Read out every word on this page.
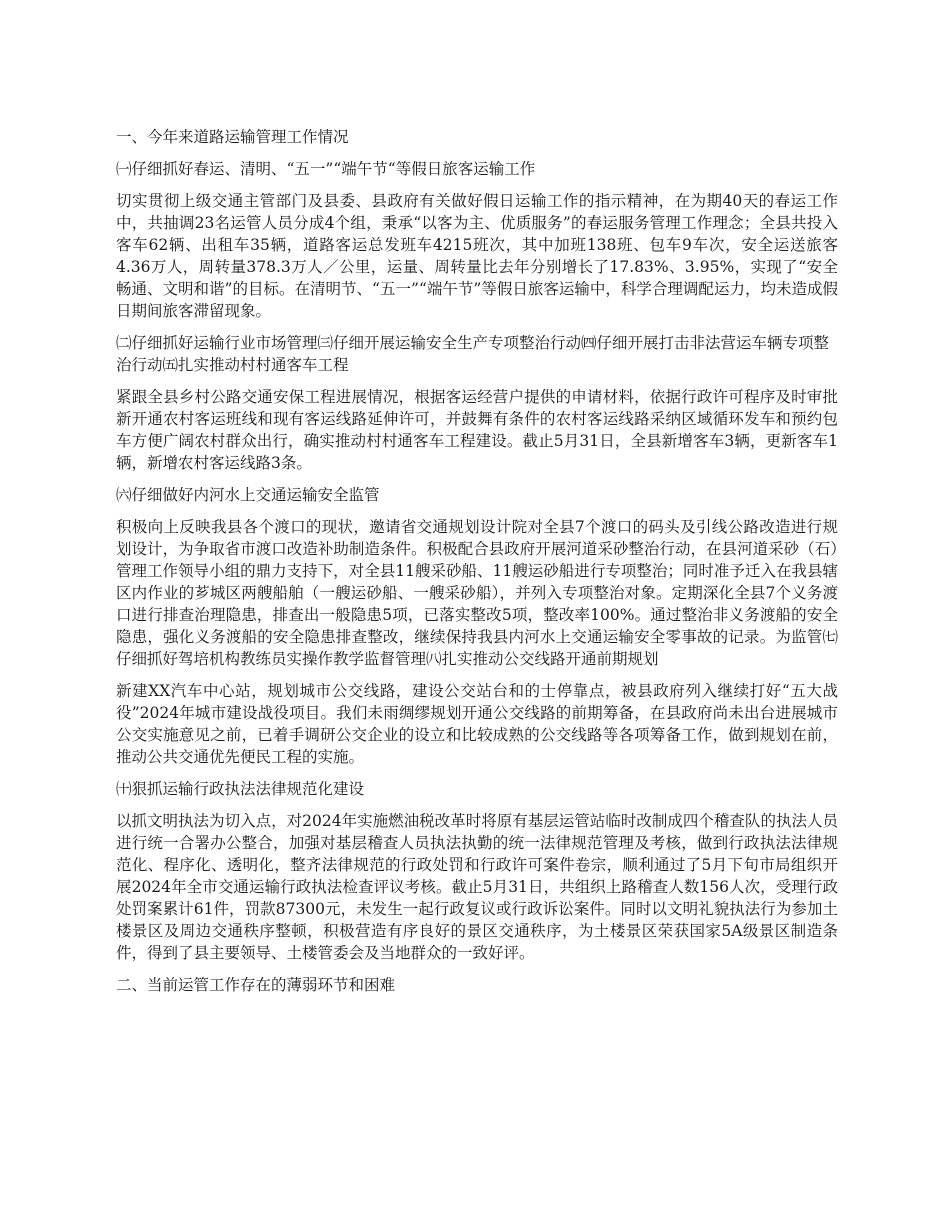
一、今年来道路运输管理工作情况
㈠仔细抓好春运、清明、“五一”“端午节“等假日旅客运输工作

切实贯彻上级交通主管部门及县委、县政府有关做好假日运输工作的指示精神，在为期40天的春运工作中，共抽调23名运管人员分成4个组，秉承“以客为主、优质服务”的春运服务管理工作理念；全县共投入客车62辆、出租车35辆，道路客运总发班车4215班次，其中加班138班、包车9车次，安全运送旅客4.36万人，周转量378.3万人／公里，运量、周转量比去年分别增长了17.83%、3.95%，实现了“安全畅通、文明和谐”的目标。在清明节、“五一”“端午节”等假日旅客运输中，科学合理调配运力，均未造成假日期间旅客滞留现象。

㈡仔细抓好运输行业市场管理㈢仔细开展运输安全生产专项整治行动㈣仔细开展打击非法营运车辆专项整治行动㈤扎实推动村村通客车工程

紧跟全县乡村公路交通安保工程进展情况，根据客运经营户提供的申请材料，依据行政许可程序及时审批新开通农村客运班线和现有客运线路延伸许可，并鼓舞有条件的农村客运线路采纳区域循环发车和预约包车方便广阔农村群众出行，确实推动村村通客车工程建设。截止5月31日，全县新增客车3辆，更新客车1辆，新增农村客运线路3条。

㈥仔细做好内河水上交通运输安全监管

积极向上反映我县各个渡口的现状，邀请省交通规划设计院对全县7个渡口的码头及引线公路改造进行规划设计，为争取省市渡口改造补助制造条件。积极配合县政府开展河道采砂整治行动，在县河道采砂（石）管理工作领导小组的鼎力支持下，对全县11艘采砂船、11艘运砂船进行专项整治；同时准予迁入在我县辖区内作业的芗城区两艘船舶（一艘运砂船、一艘采砂船），并列入专项整治对象。定期深化全县7个义务渡口进行排查治理隐患，排查出一般隐患5项，已落实整改5项，整改率100%。通过整治非义务渡船的安全隐患，强化义务渡船的安全隐患排查整改，继续保持我县内河水上交通运输安全零事故的记录。为监管㈦仔细抓好驾培机构教练员实操作教学监督管理㈧扎实推动公交线路开通前期规划

新建XX汽车中心站，规划城市公交线路，建设公交站台和的士停靠点，被县政府列入继续打好“五大战役”2024年城市建设战役项目。我们未雨绸缪规划开通公交线路的前期筹备，在县政府尚未出台进展城市公交实施意见之前，已着手调研公交企业的设立和比较成熟的公交线路等各项筹备工作，做到规划在前，推动公共交通优先便民工程的实施。

㈩狠抓运输行政执法法律规范化建设

以抓文明执法为切入点，对2024年实施燃油税改革时将原有基层运管站临时改制成四个稽查队的执法人员进行统一合署办公整合，加强对基层稽查人员执法执勤的统一法律规范管理及考核，做到行政执法法律规范化、程序化、透明化，整齐法律规范的行政处罚和行政许可案件卷宗，顺利通过了5月下旬市局组织开展2024年全市交通运输行政执法检查评议考核。截止5月31日，共组织上路稽查人数156人次，受理行政处罚案累计61件，罚款87300元，未发生一起行政复议或行政诉讼案件。同时以文明礼貌执法行为参加土楼景区及周边交通秩序整顿，积极营造有序良好的景区交通秩序，为土楼景区荣获国家5A级景区制造条件，得到了县主要领导、土楼管委会及当地群众的一致好评。

二、当前运管工作存在的薄弱环节和困难
